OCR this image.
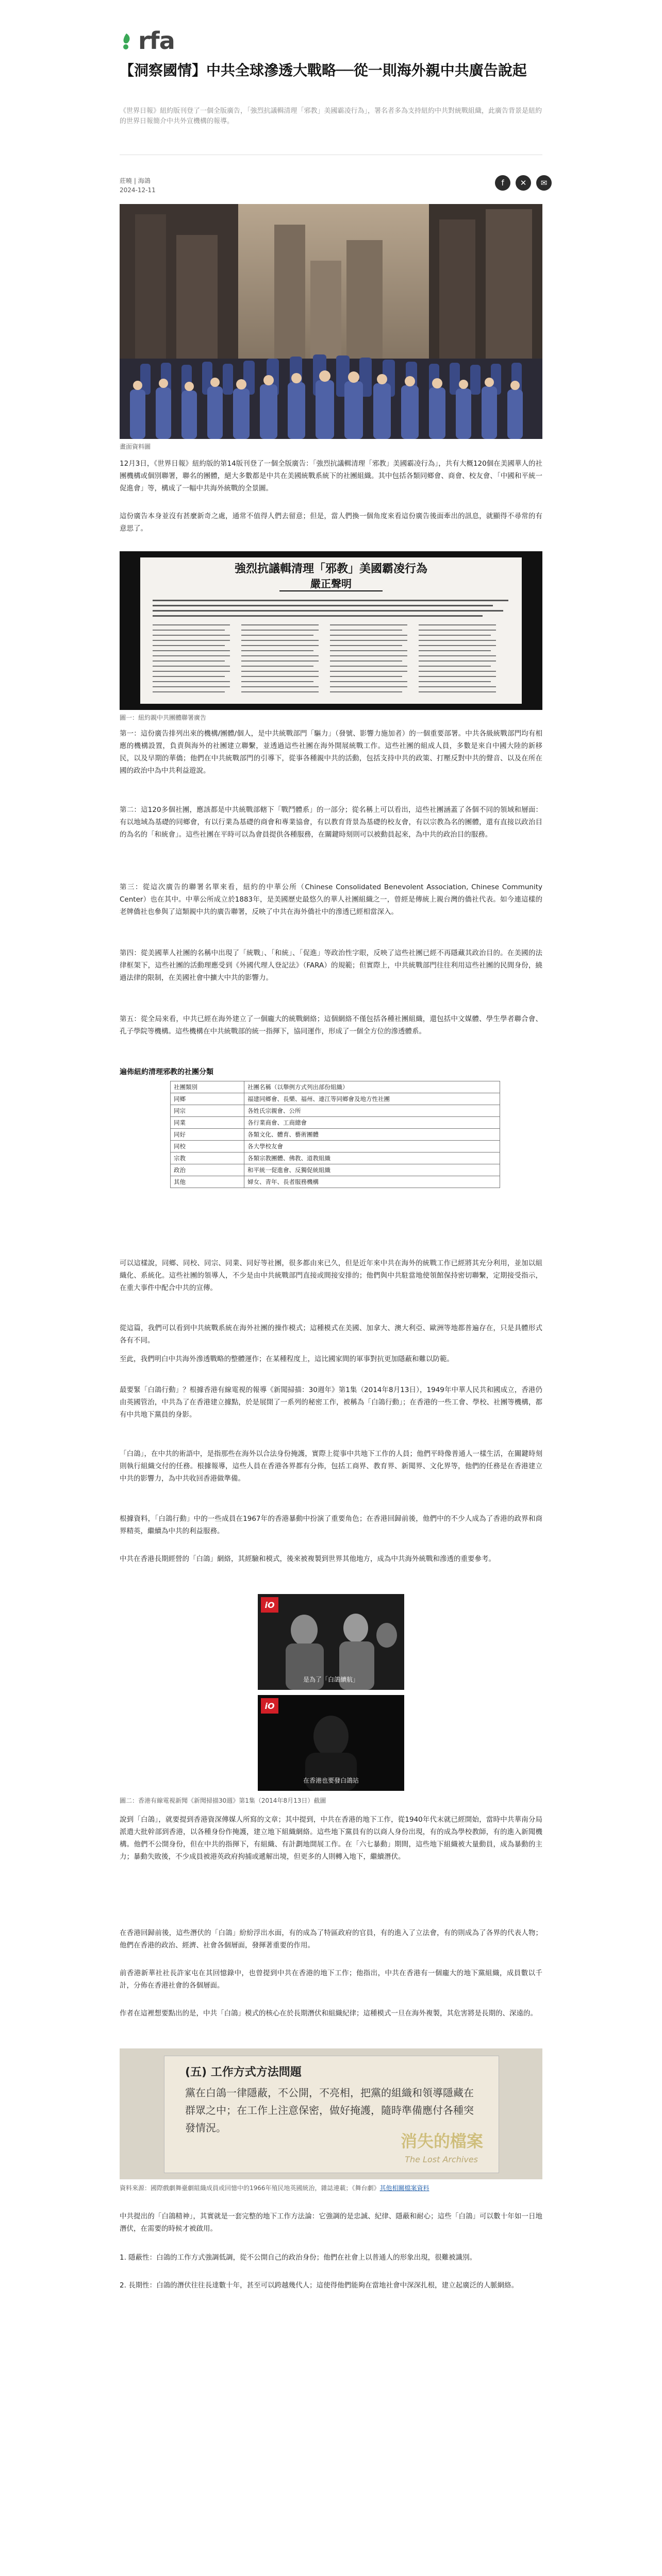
rfa
【洞察國情】中共全球滲透大戰略──從一則海外親中共廣告說起

《世界日報》紐約版刊登了一個全版廣告，「強烈抗議輯清理「邪教」美國霸凌行為」，署名者多為支持紐約中共對統戰組織，此廣告背景是紐約的世界日報簡介中共外宣機構的報導。

莊曉 | 海鴿
2024-12-11
f ✕ ✉
畫面資料圖

12月3日，《世界日報》紐約版的第14版刊登了一個全版廣告：「強烈抗議輯清理「邪教」美國霸凌行為」，共有大概120個在美國華人的社團機構或個別聯署，聯名的團體，絕大多數都是中共在美國統戰系統下的社團組織。其中包括各類同鄉會、商會、校友會、「中國和平統一促進會」等，構成了一幅中共海外統戰的全景圖。

這份廣告本身並沒有甚麼新奇之處，通常不值得人們去留意；但是，當人們換一個角度來看這份廣告後面牽出的訊息，就顯得不尋常的有意思了。

強烈抗議輯清理「邪教」美國霸凌行為
嚴正聲明
圖一：紐約親中共團體聯署廣告

第一：這份廣告排列出來的機構/團體/個人，是中共統戰部門「驅力」（發號、影響力施加者）的一個重要部署。中共各級統戰部門均有相應的機構設置，負責與海外的社團建立聯繫，並透過這些社團在海外開展統戰工作。這些社團的組成人員，多數是來自中國大陸的新移民，以及早期的華僑；他們在中共統戰部門的引導下，從事各種親中共的活動，包括支持中共的政策、打壓反對中共的聲音、以及在所在國的政治中為中共利益遊說。

第二：這120多個社團，應該都是中共統戰部轄下「戰鬥體系」的一部分；從名稱上可以看出，這些社團涵蓋了各個不同的領域和層面：有以地域為基礎的同鄉會，有以行業為基礎的商會和專業協會，有以教育背景為基礎的校友會，有以宗教為名的團體，還有直接以政治目的為名的「和統會」。這些社團在平時可以為會員提供各種服務，在關鍵時刻則可以被動員起來，為中共的政治目的服務。

第三：從這次廣告的聯署名單來看，紐約的中華公所（Chinese Consolidated Benevolent Association, Chinese Community Center）也在其中。中華公所成立於1883年，是美國歷史最悠久的華人社團組織之一，曾經是傳統上親台灣的僑社代表。如今連這樣的老牌僑社也參與了這類親中共的廣告聯署，反映了中共在海外僑社中的滲透已經相當深入。

第四：從美國華人社團的名稱中出現了「統戰」、「和統」、「促進」等政治性字眼，反映了這些社團已經不再隱藏其政治目的。在美國的法律框架下，這些社團的活動理應受到《外國代理人登記法》（FARA）的規範；但實際上，中共統戰部門往往利用這些社團的民間身份，繞過法律的限制，在美國社會中擴大中共的影響力。

第五：從全局來看，中共已經在海外建立了一個龐大的統戰網絡；這個網絡不僅包括各種社團組織，還包括中文媒體、學生學者聯合會、孔子學院等機構。這些機構在中共統戰部的統一指揮下，協同運作，形成了一個全方位的滲透體系。

遍佈紐約清理邪教的社團分類
社團類別	社團名稱（以舉例方式列出部份組織）
同鄉	福建同鄉會、長樂、福州、連江等同鄉會及地方性社團
同宗	各姓氏宗親會、公所
同業	各行業商會、工商總會
同好	各類文化、體育、藝術團體
同校	各大學校友會
宗教	各類宗教團體、佛教、道教組織
政治	和平統一促進會、反獨促統組織
其他	婦女、青年、長者服務機構

可以這樣說，同鄉、同校、同宗、同業、同好等社團，很多都由來已久，但是近年來中共在海外的統戰工作已經將其充分利用，並加以組織化、系統化。這些社團的領導人，不少是由中共統戰部門直接或間接安排的；他們與中共駐當地使領館保持密切聯繫，定期接受指示，在重大事件中配合中共的宣傳。

從這篇，我們可以看到中共統戰系統在海外社團的操作模式；這種模式在美國、加拿大、澳大利亞、歐洲等地都普遍存在，只是具體形式各有不同。

至此，我們明白中共海外滲透戰略的整體運作；在某種程度上，這比國家間的軍事對抗更加隱蔽和難以防範。

最要緊「白鴿行動」？根據香港有線電視的報導《新聞掃描：30週年》第1集（2014年8月13日），1949年中華人民共和國成立，香港仍由英國管治，中共為了在香港建立據點，於是展開了一系列的秘密工作，被稱為「白鴿行動」；在香港的一些工會、學校、社團等機構，都有中共地下黨員的身影。

「白鴿」，在中共的術語中，是指那些在海外以合法身份掩護，實際上從事中共地下工作的人員；他們平時像普通人一樣生活，在關鍵時刻則執行組織交付的任務。根據報導，這些人員在香港各界都有分佈，包括工商界、教育界、新聞界、文化界等，他們的任務是在香港建立中共的影響力，為中共收回香港做準備。

根據資料，「白鴿行動」中的一些成員在1967年的香港暴動中扮演了重要角色；在香港回歸前後，他們中的不少人成為了香港的政界和商界精英，繼續為中共的利益服務。

中共在香港長期經營的「白鴿」網絡，其經驗和模式，後來被複製到世界其他地方，成為中共海外統戰和滲透的重要參考。

iO
是為了「白鴿續航」
iO
在香港也要發白鴿站
圖二：香港有線電視新聞《新聞掃描30週》第1集（2014年8月13日）截圖

說到「白鴿」，就要提到香港資深傳媒人所寫的文章；其中提到，中共在香港的地下工作，從1940年代末就已經開始，當時中共華南分局派遣大批幹部到香港，以各種身份作掩護，建立地下組織網絡。這些地下黨員有的以商人身份出現，有的成為學校教師，有的進入新聞機構。他們不公開身份，但在中共的指揮下，有組織、有計劃地開展工作。在「六七暴動」期間，這些地下組織被大量動員，成為暴動的主力；暴動失敗後，不少成員被港英政府拘捕或遞解出境，但更多的人則轉入地下，繼續潛伏。

在香港回歸前後，這些潛伏的「白鴿」紛紛浮出水面，有的成為了特區政府的官員，有的進入了立法會，有的則成為了各界的代表人物；他們在香港的政治、經濟、社會各個層面，發揮著重要的作用。

前香港新華社社長許家屯在其回憶錄中，也曾提到中共在香港的地下工作；他指出，中共在香港有一個龐大的地下黨組織，成員數以千計，分佈在香港社會的各個層面。

作者在這裡想要點出的是，中共「白鴿」模式的核心在於長期潛伏和組織紀律；這種模式一旦在海外複製，其危害將是長期的、深遠的。

(五) 工作方式方法問題
黨在白鴿一律隱蔽，不公開，不亮相，把黨的組織和領導隱藏在群眾之中；在工作上注意保密，做好掩護，隨時準備應付各種突發情況。
消失的檔案
The Lost Archives
資料來源：國際戲劇舞臺劇組織成員或回憶中的1966年殖民地英國統治，雜誌連載；《舞台劇》其他相關檔案資料

中共提出的「白鴿精神」，其實就是一套完整的地下工作方法論：它強調的是忠誠、紀律、隱蔽和耐心；這些「白鴿」可以數十年如一日地潛伏，在需要的時候才被啟用。

1. 隱蔽性：白鴿的工作方式強調低調，從不公開自己的政治身份；他們在社會上以普通人的形象出現，很難被識別。

2. 長期性：白鴿的潛伏往往長達數十年，甚至可以跨越幾代人；這使得他們能夠在當地社會中深深扎根，建立起廣泛的人脈網絡。
